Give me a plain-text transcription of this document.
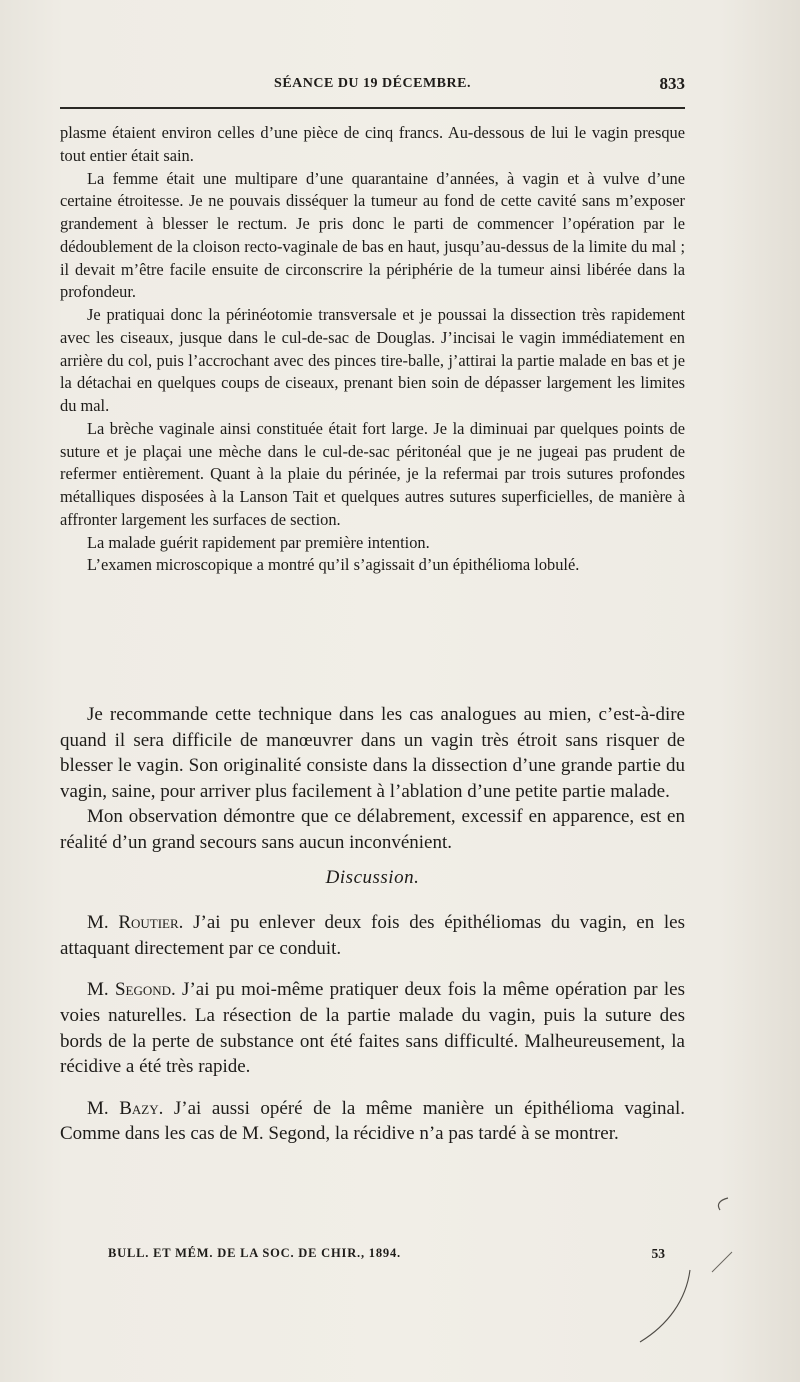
SÉANCE DU 19 DÉCEMBRE.	833

plasme étaient environ celles d’une pièce de cinq francs. Au-dessous de lui le vagin presque tout entier était sain.

La femme était une multipare d’une quarantaine d’années, à vagin et à vulve d’une certaine étroitesse. Je ne pouvais disséquer la tumeur au fond de cette cavité sans m’exposer grandement à blesser le rectum. Je pris donc le parti de commencer l’opération par le dédoublement de la cloison recto-vaginale de bas en haut, jusqu’au-dessus de la limite du mal ; il devait m’être facile ensuite de circonscrire la périphérie de la tumeur ainsi libérée dans la profondeur.

Je pratiquai donc la périnéotomie transversale et je poussai la dissection très rapidement avec les ciseaux, jusque dans le cul-de-sac de Douglas. J’incisai le vagin immédiatement en arrière du col, puis l’accrochant avec des pinces tire-balle, j’attirai la partie malade en bas et je la détachai en quelques coups de ciseaux, prenant bien soin de dépasser largement les limites du mal.

La brèche vaginale ainsi constituée était fort large. Je la diminuai par quelques points de suture et je plaçai une mèche dans le cul-de-sac péritonéal que je ne jugeai pas prudent de refermer entièrement. Quant à la plaie du périnée, je la refermai par trois sutures profondes métalliques disposées à la Lanson Tait et quelques autres sutures superficielles, de manière à affronter largement les surfaces de section.

La malade guérit rapidement par première intention.

L’examen microscopique a montré qu’il s’agissait d’un épithélioma lobulé.

Je recommande cette technique dans les cas analogues au mien, c’est-à-dire quand il sera difficile de manœuvrer dans un vagin très étroit sans risquer de blesser le vagin. Son originalité consiste dans la dissection d’une grande partie du vagin, saine, pour arriver plus facilement à l’ablation d’une petite partie malade.

Mon observation démontre que ce délabrement, excessif en apparence, est en réalité d’un grand secours sans aucun inconvénient.

Discussion.

M. Routier. J’ai pu enlever deux fois des épithéliomas du vagin, en les attaquant directement par ce conduit.

M. Segond. J’ai pu moi-même pratiquer deux fois la même opération par les voies naturelles. La résection de la partie malade du vagin, puis la suture des bords de la perte de substance ont été faites sans difficulté. Malheureusement, la récidive a été très rapide.

M. Bazy. J’ai aussi opéré de la même manière un épithélioma vaginal. Comme dans les cas de M. Segond, la récidive n’a pas tardé à se montrer.

BULL. ET MÉM. DE LA SOC. DE CHIR., 1894.	53
